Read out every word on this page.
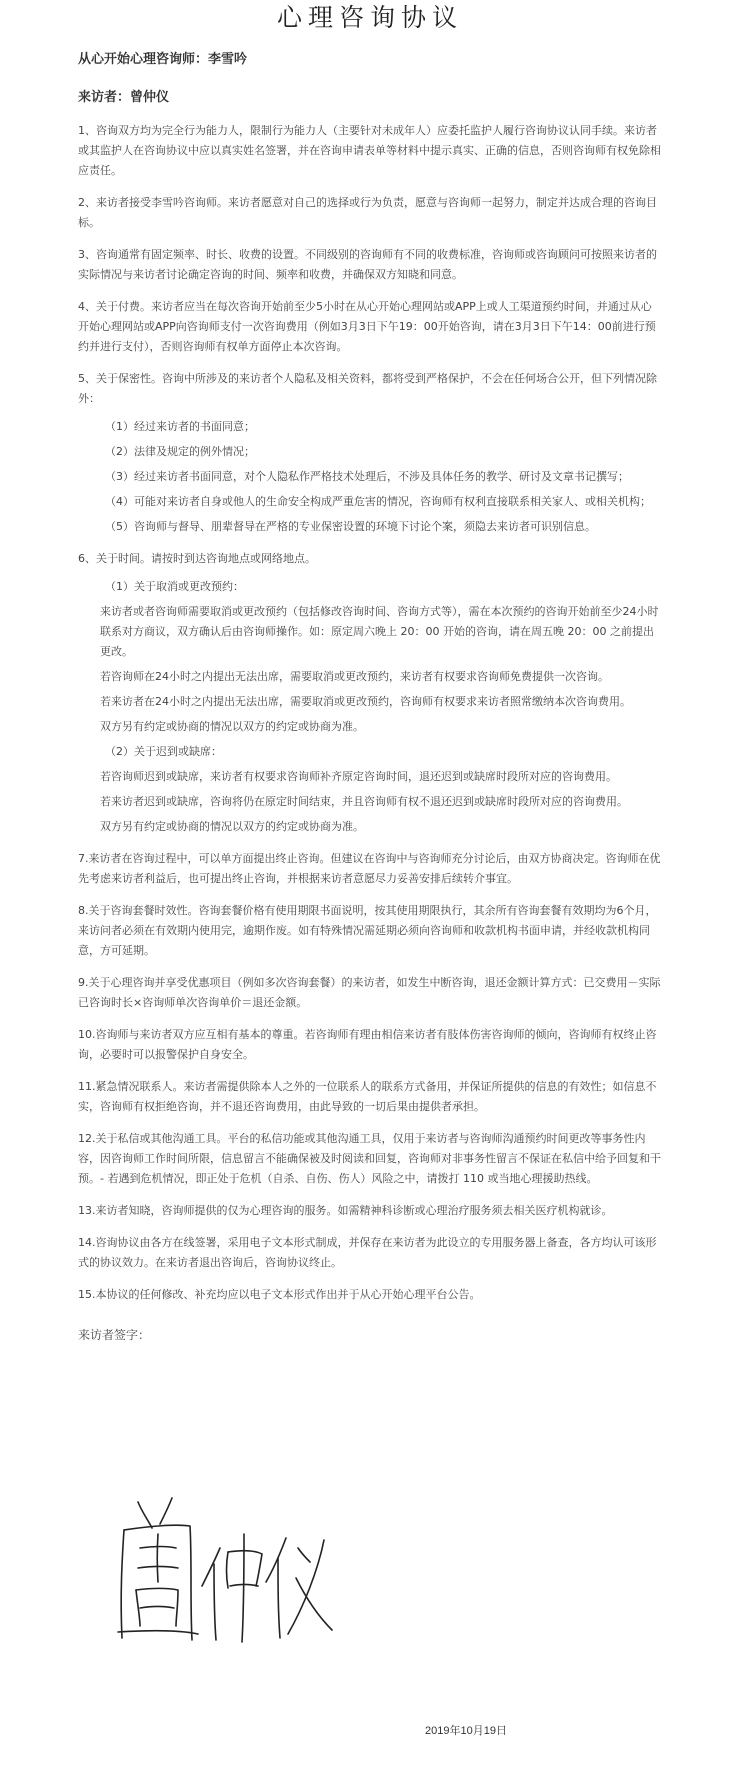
心理咨询协议

从心开始心理咨询师：李雪吟

来访者：曾仲仪

1、咨询双方均为完全行为能力人，限制行为能力人（主要针对未成年人）应委托监护人履行咨询协议认同手续。来访者或其监护人在咨询协议中应以真实姓名签署，并在咨询申请表单等材料中提示真实、正确的信息，否则咨询师有权免除相应责任。

2、来访者接受李雪吟咨询师。来访者愿意对自己的选择或行为负责，愿意与咨询师一起努力，制定并达成合理的咨询目标。

3、咨询通常有固定频率、时长、收费的设置。不同级别的咨询师有不同的收费标准，咨询师或咨询顾问可按照来访者的实际情况与来访者讨论确定咨询的时间、频率和收费，并确保双方知晓和同意。

4、关于付费。来访者应当在每次咨询开始前至少5小时在从心开始心理网站或APP上或人工渠道预约时间，并通过从心开始心理网站或APP向咨询师支付一次咨询费用（例如3月3日下午19：00开始咨询，请在3月3日下午14：00前进行预约并进行支付），否则咨询师有权单方面停止本次咨询。

5、关于保密性。咨询中所涉及的来访者个人隐私及相关资料，都将受到严格保护，不会在任何场合公开，但下列情况除外：

（1）经过来访者的书面同意；

（2）法律及规定的例外情况；

（3）经过来访者书面同意，对个人隐私作严格技术处理后，不涉及具体任务的教学、研讨及文章书记撰写；

（4）可能对来访者自身或他人的生命安全构成严重危害的情况，咨询师有权利直接联系相关家人、或相关机构；

（5）咨询师与督导、朋辈督导在严格的专业保密设置的环境下讨论个案，须隐去来访者可识别信息。

6、关于时间。请按时到达咨询地点或网络地点。

（1）关于取消或更改预约：

来访者或者咨询师需要取消或更改预约（包括修改咨询时间、咨询方式等），需在本次预约的咨询开始前至少24小时联系对方商议，双方确认后由咨询师操作。如：原定周六晚上 20：00 开始的咨询，请在周五晚 20：00 之前提出更改。

若咨询师在24小时之内提出无法出席，需要取消或更改预约，来访者有权要求咨询师免费提供一次咨询。

若来访者在24小时之内提出无法出席，需要取消或更改预约，咨询师有权要求来访者照常缴纳本次咨询费用。

双方另有约定或协商的情况以双方的约定或协商为准。

（2）关于迟到或缺席：

若咨询师迟到或缺席，来访者有权要求咨询师补齐原定咨询时间，退还迟到或缺席时段所对应的咨询费用。

若来访者迟到或缺席，咨询将仍在原定时间结束，并且咨询师有权不退还迟到或缺席时段所对应的咨询费用。

双方另有约定或协商的情况以双方的约定或协商为准。

7.来访者在咨询过程中，可以单方面提出终止咨询。但建议在咨询中与咨询师充分讨论后，由双方协商决定。咨询师在优先考虑来访者利益后，也可提出终止咨询，并根据来访者意愿尽力妥善安排后续转介事宜。

8.关于咨询套餐时效性。咨询套餐价格有使用期限书面说明，按其使用期限执行，其余所有咨询套餐有效期均为6个月，来访问者必须在有效期内使用完，逾期作废。如有特殊情况需延期必须向咨询师和收款机构书面申请，并经收款机构同意，方可延期。

9.关于心理咨询并享受优惠项目（例如多次咨询套餐）的来访者，如发生中断咨询，退还金额计算方式：已交费用－实际已咨询时长×咨询师单次咨询单价＝退还金额。

10.咨询师与来访者双方应互相有基本的尊重。若咨询师有理由相信来访者有肢体伤害咨询师的倾向，咨询师有权终止咨询，必要时可以报警保护自身安全。

11.紧急情况联系人。来访者需提供除本人之外的一位联系人的联系方式备用，并保证所提供的信息的有效性；如信息不实，咨询师有权拒绝咨询，并不退还咨询费用，由此导致的一切后果由提供者承担。

12.关于私信或其他沟通工具。平台的私信功能或其他沟通工具，仅用于来访者与咨询师沟通预约时间更改等事务性内容，因咨询师工作时间所限，信息留言不能确保被及时阅读和回复，咨询师对非事务性留言不保证在私信中给予回复和干预。- 若遇到危机情况，即正处于危机（自杀、自伤、伤人）风险之中，请拨打 110 或当地心理援助热线。

13.来访者知晓，咨询师提供的仅为心理咨询的服务。如需精神科诊断或心理治疗服务须去相关医疗机构就诊。

14.咨询协议由各方在线签署，采用电子文本形式制成，并保存在来访者为此设立的专用服务器上备查，各方均认可该形式的协议效力。在来访者退出咨询后，咨询协议终止。

15.本协议的任何修改、补充均应以电子文本形式作出并于从心开始心理平台公告。

来访者签字：

2019年10月19日
